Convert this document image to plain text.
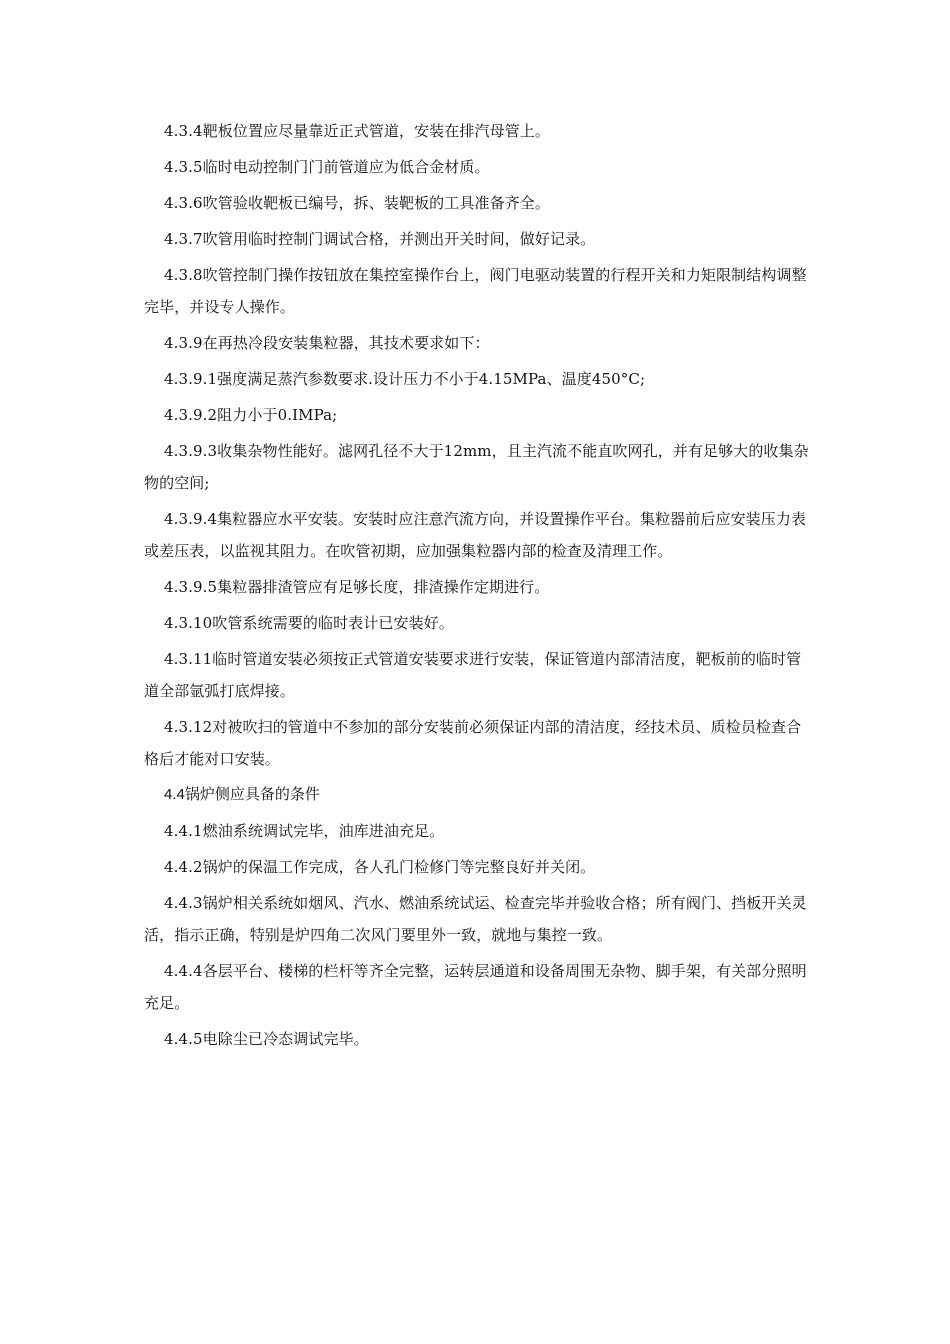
4.3.4靶板位置应尽量靠近正式管道，安装在排汽母管上。

4.3.5临时电动控制门门前管道应为低合金材质。

4.3.6吹管验收靶板已编号，拆、装靶板的工具准备齐全。

4.3.7吹管用临时控制门调试合格，并测出开关时间，做好记录。

4.3.8吹管控制门操作按钮放在集控室操作台上，阀门电驱动装置的行程开关和力矩限制结构调整完毕，并设专人操作。

4.3.9在再热冷段安装集粒器，其技术要求如下：

4.3.9.1强度满足蒸汽参数要求.设计压力不小于4.15MPa、温度450°C;

4.3.9.2阻力小于0.IMPa;

4.3.9.3收集杂物性能好。滤网孔径不大于12mm，且主汽流不能直吹网孔，并有足够大的收集杂物的空间;

4.3.9.4集粒器应水平安装。安装时应注意汽流方向，并设置操作平台。集粒器前后应安装压力表或差压表，以监视其阻力。在吹管初期，应加强集粒器内部的检查及清理工作。

4.3.9.5集粒器排渣管应有足够长度，排渣操作定期进行。

4.3.10吹管系统需要的临时表计已安装好。

4.3.11临时管道安装必须按正式管道安装要求进行安装，保证管道内部清洁度，靶板前的临时管道全部氩弧打底焊接。

4.3.12对被吹扫的管道中不参加的部分安装前必须保证内部的清洁度，经技术员、质检员检查合格后才能对口安装。

4.4锅炉侧应具备的条件

4.4.1燃油系统调试完毕，油库进油充足。

4.4.2锅炉的保温工作完成，各人孔门检修门等完整良好并关闭。

4.4.3锅炉相关系统如烟风、汽水、燃油系统试运、检查完毕并验收合格；所有阀门、挡板开关灵活，指示正确，特别是炉四角二次风门要里外一致，就地与集控一致。

4.4.4各层平台、楼梯的栏杆等齐全完整，运转层通道和设备周围无杂物、脚手架，有关部分照明充足。

4.4.5电除尘已冷态调试完毕。
